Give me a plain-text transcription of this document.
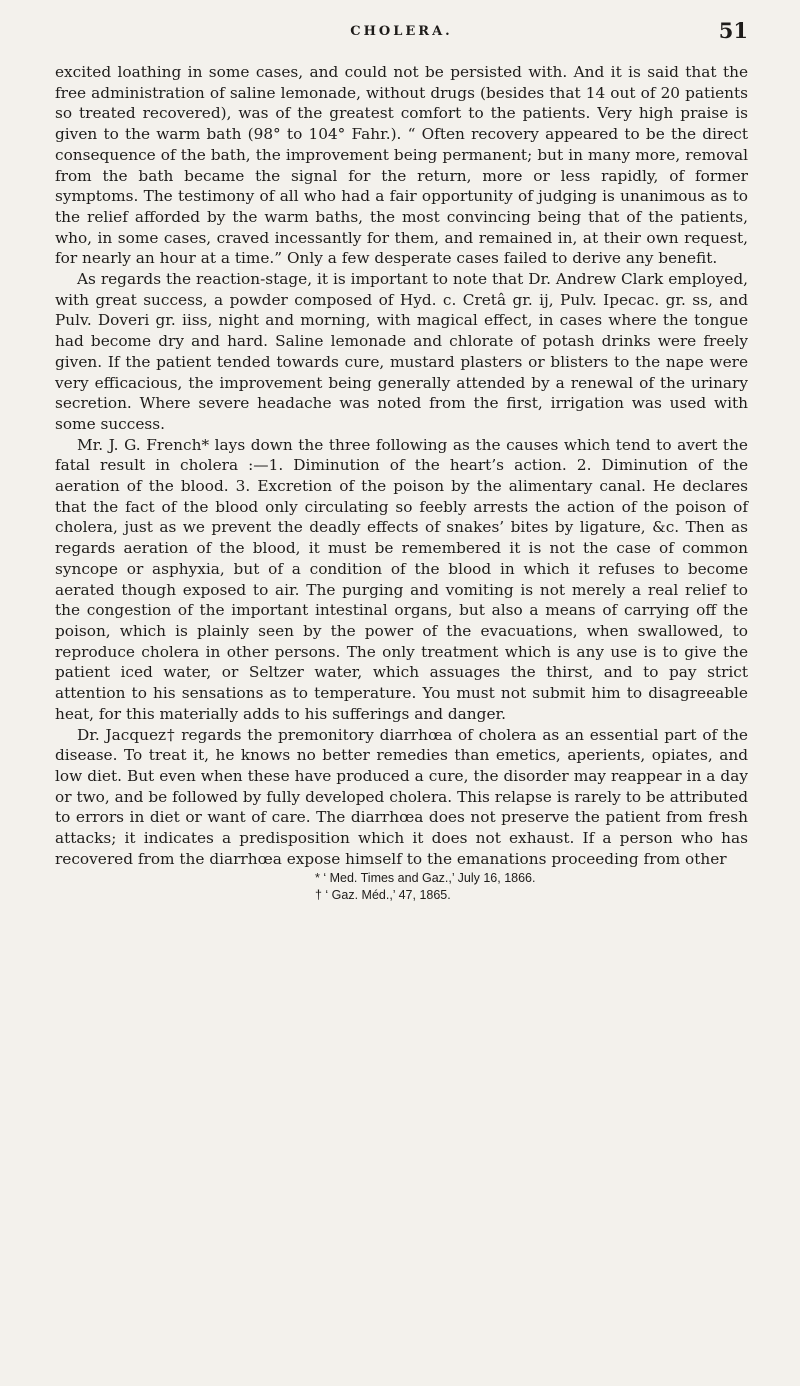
CHOLERA.	51

excited loathing in some cases, and could not be persisted with. And it is said that the free administration of saline lemonade, without drugs (besides that 14 out of 20 patients so treated recovered), was of the greatest comfort to the patients. Very high praise is given to the warm bath (98° to 104° Fahr.). “ Often recovery appeared to be the direct consequence of the bath, the improvement being permanent; but in many more, removal from the bath became the signal for the return, more or less rapidly, of former symptoms. The testimony of all who had a fair opportunity of judging is unanimous as to the relief afforded by the warm baths, the most convincing being that of the patients, who, in some cases, craved incessantly for them, and remained in, at their own request, for nearly an hour at a time.” Only a few desperate cases failed to derive any benefit.

As regards the reaction-stage, it is important to note that Dr. Andrew Clark employed, with great success, a powder composed of Hyd. c. Cretâ gr. ij, Pulv. Ipecac. gr. ss, and Pulv. Doveri gr. iiss, night and morning, with magical effect, in cases where the tongue had become dry and hard. Saline lemonade and chlorate of potash drinks were freely given. If the patient tended towards cure, mustard plasters or blisters to the nape were very efficacious, the improvement being generally attended by a renewal of the urinary secretion. Where severe headache was noted from the first, irrigation was used with some success.

Mr. J. G. French* lays down the three following as the causes which tend to avert the fatal result in cholera :—1. Diminution of the heart’s action. 2. Diminution of the aeration of the blood. 3. Excretion of the poison by the alimentary canal. He declares that the fact of the blood only circulating so feebly arrests the action of the poison of cholera, just as we prevent the deadly effects of snakes’ bites by ligature, &c. Then as regards aeration of the blood, it must be remembered it is not the case of common syncope or asphyxia, but of a condition of the blood in which it refuses to become aerated though exposed to air. The purging and vomiting is not merely a real relief to the congestion of the important intestinal organs, but also a means of carrying off the poison, which is plainly seen by the power of the evacuations, when swallowed, to reproduce cholera in other persons. The only treatment which is any use is to give the patient iced water, or Seltzer water, which assuages the thirst, and to pay strict attention to his sensations as to temperature. You must not submit him to disagreeable heat, for this materially adds to his sufferings and danger.

Dr. Jacquez† regards the premonitory diarrhœa of cholera as an essential part of the disease. To treat it, he knows no better remedies than emetics, aperients, opiates, and low diet. But even when these have produced a cure, the disorder may reappear in a day or two, and be followed by fully developed cholera. This relapse is rarely to be attributed to errors in diet or want of care. The diarrhœa does not preserve the patient from fresh attacks; it indicates a predisposition which it does not exhaust. If a person who has recovered from the diarrhœa expose himself to the emanations proceeding from other

* ‘ Med. Times and Gaz.,’ July 16, 1866.

† ‘ Gaz. Méd.,’ 47, 1865.
